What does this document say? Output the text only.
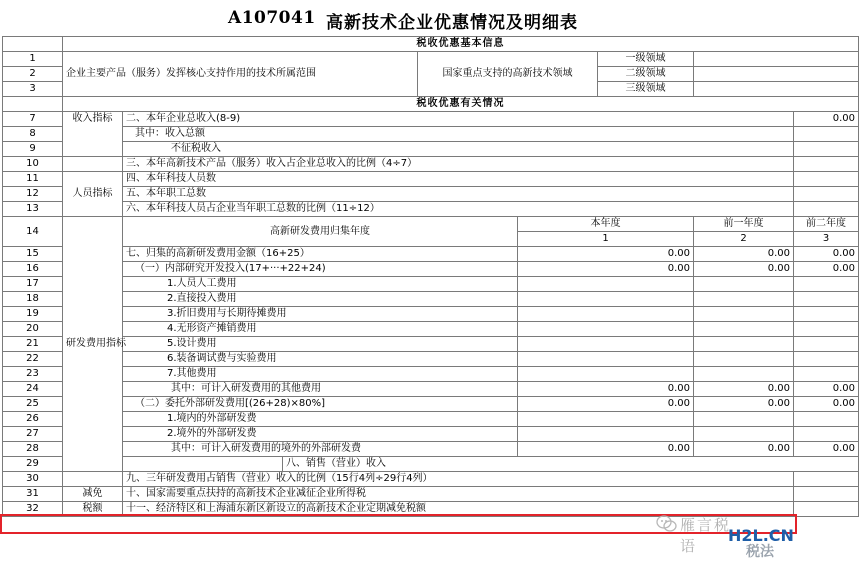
A107041 高新技术企业优惠情况及明细表
	税收优惠基本信息								
1	企业主要产品（服务）发挥核心支持作用的技术所属范围			国家重点支持的高新技术领域		一级领域			
2						二级领域			
3						三级领域			
	税收优惠有关情况								
7	收入指标	二、本年企业总收入(8-9)						0.00	
8		其中：收入总额							
9		不征税收入							
10		三、本年高新技术产品（服务）收入占企业总收入的比例（4÷7）							
11	人员指标	四、本年科技人员数							
12		五、本年职工总数							
13		六、本年科技人员占企业当年职工总数的比例（11÷12）							
14	研发费用指标	高新研发费用归集年度			本年度		前一年度	前二年度	
					1		2	3	
15		七、归集的高新研发费用金额（16+25）			0.00		0.00	0.00	
16		（一）内部研究开发投入(17+···+22+24)			0.00		0.00	0.00	
17		1.人员人工费用							
18		2.直接投入费用							
19		3.折旧费用与长期待摊费用							
20		4.无形资产摊销费用							
21		5.设计费用							
22		6.装备调试费与实验费用							
23		7.其他费用							
24		其中：可计入研发费用的其他费用			0.00		0.00	0.00	
25		（二）委托外部研发费用[(26+28)×80%]			0.00		0.00	0.00	
26		1.境内的外部研发费							
27		2.境外的外部研发费							
28		其中：可计入研发费用的境外的外部研发费			0.00		0.00	0.00	
29			八、销售（营业）收入						
30		九、三年研发费用占销售（营业）收入的比例（15行4列÷29行4列）							
31	减免	十、国家需要重点扶持的高新技术企业减征企业所得税							
32	税额	十一、经济特区和上海浦东新区新设立的高新技术企业定期减免税额							
雁言税语
H2L.CN
税法
